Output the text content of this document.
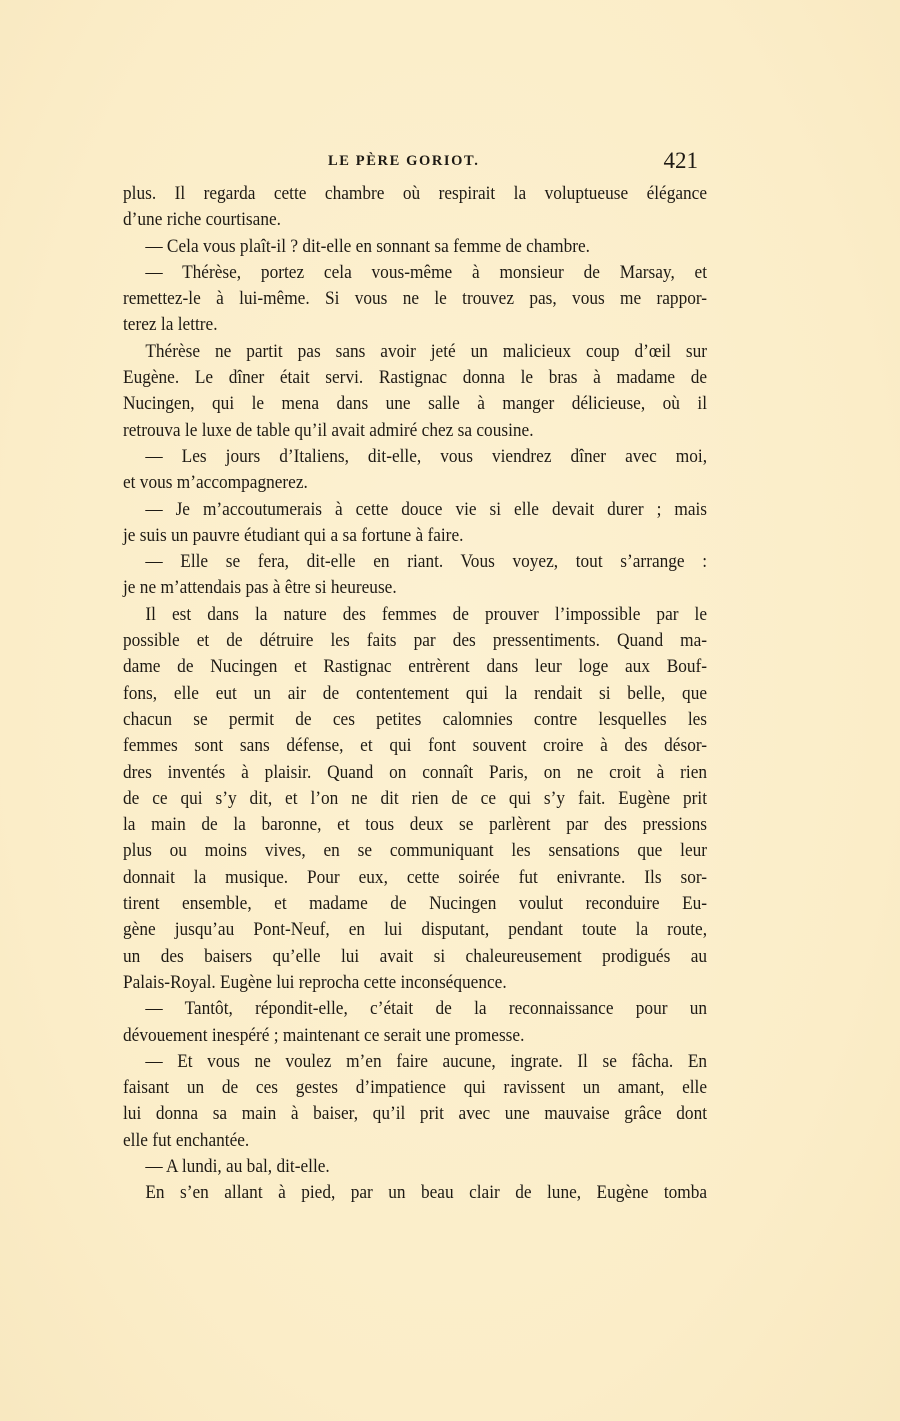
LE PÈRE GORIOT.	421
plus. Il regarda cette chambre où respirait la voluptueuse élégance
d’une riche courtisane.
— Cela vous plaît-il ? dit-elle en sonnant sa femme de chambre.
— Thérèse, portez cela vous-même à monsieur de Marsay, et
remettez-le à lui-même. Si vous ne le trouvez pas, vous me rappor-
terez la lettre.
Thérèse ne partit pas sans avoir jeté un malicieux coup d’œil sur
Eugène. Le dîner était servi. Rastignac donna le bras à madame de
Nucingen, qui le mena dans une salle à manger délicieuse, où il
retrouva le luxe de table qu’il avait admiré chez sa cousine.
— Les jours d’Italiens, dit-elle, vous viendrez dîner avec moi,
et vous m’accompagnerez.
— Je m’accoutumerais à cette douce vie si elle devait durer ; mais
je suis un pauvre étudiant qui a sa fortune à faire.
— Elle se fera, dit-elle en riant. Vous voyez, tout s’arrange :
je ne m’attendais pas à être si heureuse.
Il est dans la nature des femmes de prouver l’impossible par le
possible et de détruire les faits par des pressentiments. Quand ma-
dame de Nucingen et Rastignac entrèrent dans leur loge aux Bouf-
fons, elle eut un air de contentement qui la rendait si belle, que
chacun se permit de ces petites calomnies contre lesquelles les
femmes sont sans défense, et qui font souvent croire à des désor-
dres inventés à plaisir. Quand on connaît Paris, on ne croit à rien
de ce qui s’y dit, et l’on ne dit rien de ce qui s’y fait. Eugène prit
la main de la baronne, et tous deux se parlèrent par des pressions
plus ou moins vives, en se communiquant les sensations que leur
donnait la musique. Pour eux, cette soirée fut enivrante. Ils sor-
tirent ensemble, et madame de Nucingen voulut reconduire Eu-
gène jusqu’au Pont-Neuf, en lui disputant, pendant toute la route,
un des baisers qu’elle lui avait si chaleureusement prodigués au
Palais-Royal. Eugène lui reprocha cette inconséquence.
— Tantôt, répondit-elle, c’était de la reconnaissance pour un
dévouement inespéré ; maintenant ce serait une promesse.
— Et vous ne voulez m’en faire aucune, ingrate. Il se fâcha. En
faisant un de ces gestes d’impatience qui ravissent un amant, elle
lui donna sa main à baiser, qu’il prit avec une mauvaise grâce dont
elle fut enchantée.
— A lundi, au bal, dit-elle.
En s’en allant à pied, par un beau clair de lune, Eugène tomba
